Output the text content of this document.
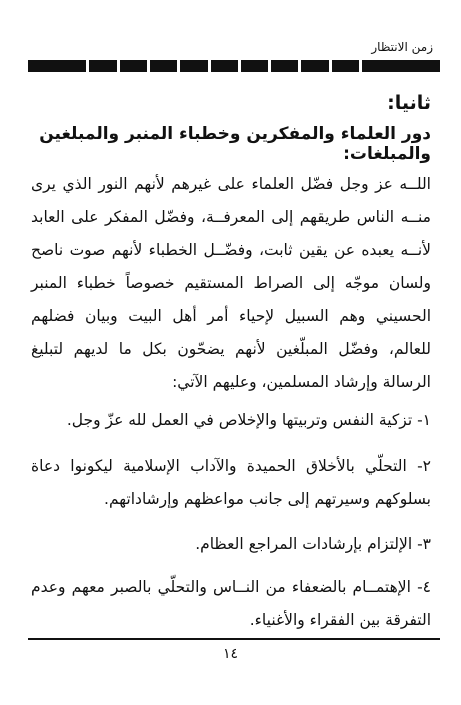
زمن الانتظار
ثانيا:
دور العلماء والمفكرين وخطباء المنبر والمبلغين والمبلغات:
اللــه عز وجل فضّل العلماء على غيرهم لأنهم النور الذي يرى منــه الناس طريقهم إلى المعرفــة، وفضّل المفكر على العابد لأنــه يعبده عن يقين ثابت، وفضّــل الخطباء لأنهم صوت ناصح ولسان موجّه إلى الصراط المستقيم خصوصاً خطباء المنبر الحسيني وهم السبيل لإحياء أمر أهل البيت وبيان فضلهم للعالم، وفضّل المبلّغين لأنهم يضحّون بكل ما لديهم لتبليغ الرسالة وإرشاد المسلمين، وعليهم الآتي:
١- تزكية النفس وتربيتها والإخلاص في العمل لله عزّ وجل.
٢- التحلّي بالأخلاق الحميدة والآداب الإسلامية ليكونوا دعاة بسلوكهم وسيرتهم إلى جانب مواعظهم وإرشاداتهم.
٣- الإلتزام بإرشادات المراجع العظام.
٤- الإهتمــام بالضعفاء من النــاس والتحلّي بالصبر معهم وعدم التفرقة بين الفقراء والأغنياء.
١٤
